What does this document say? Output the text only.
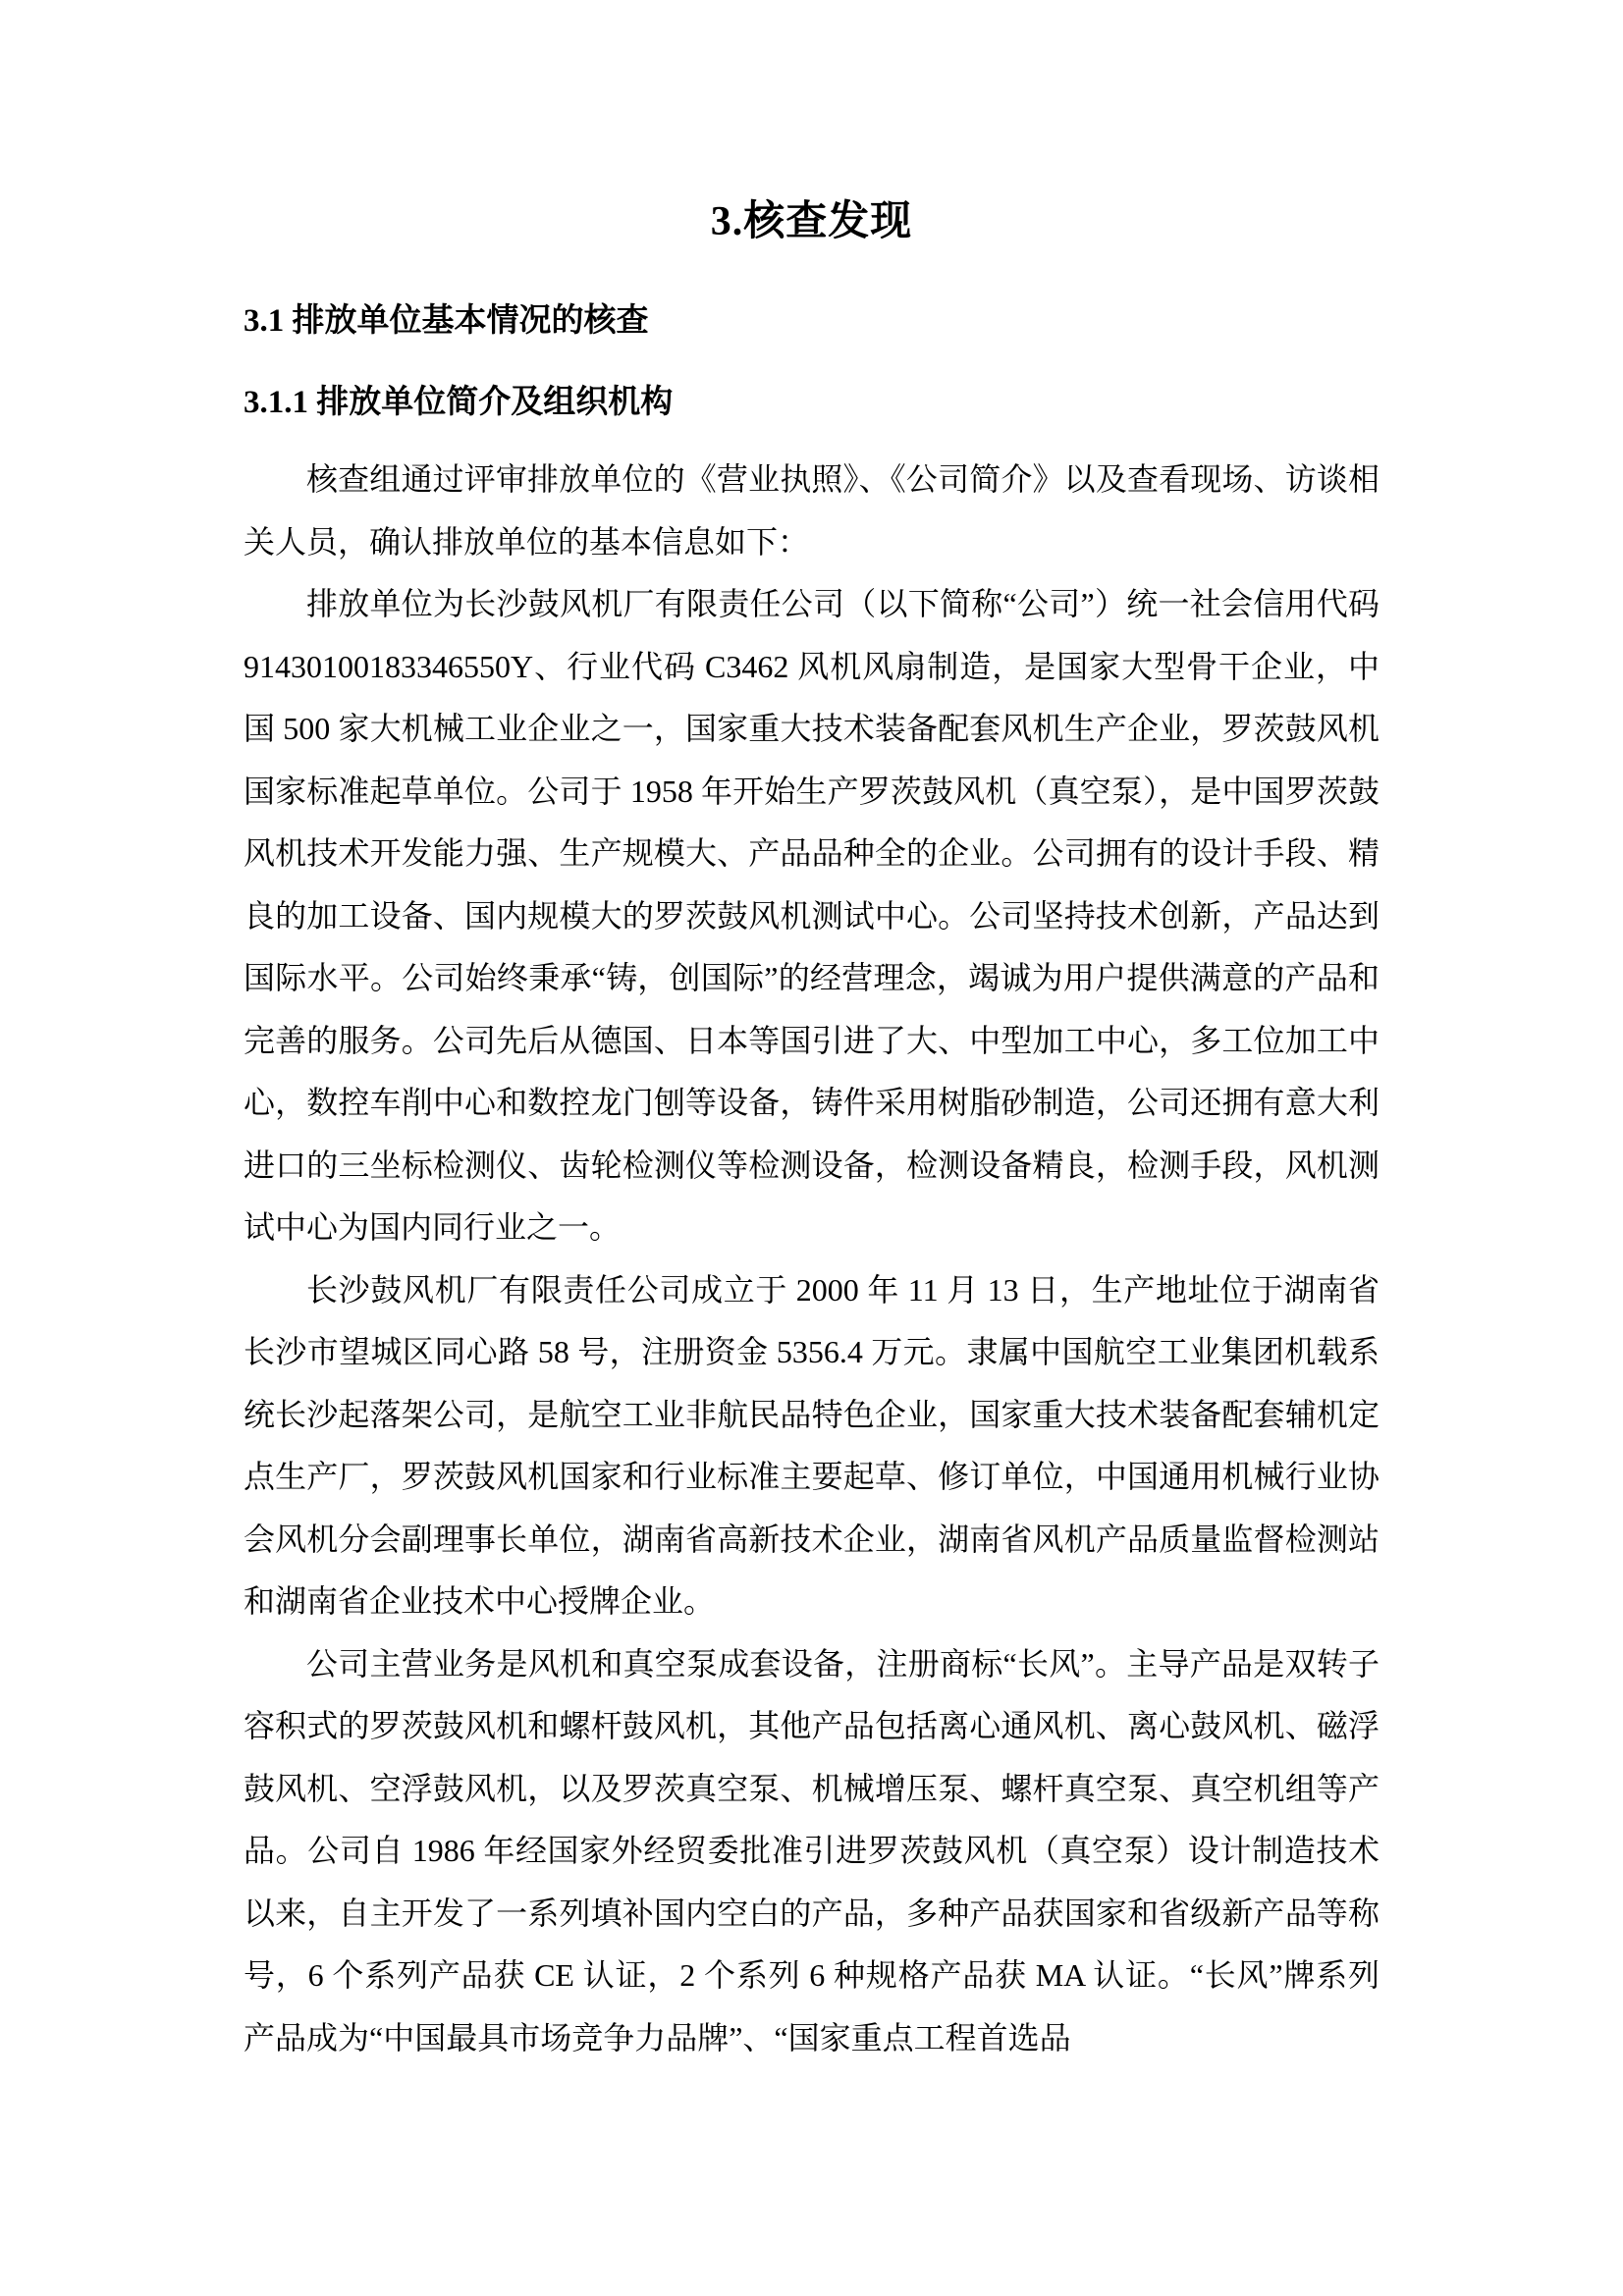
3.核查发现
3.1 排放单位基本情况的核查
3.1.1 排放单位简介及组织机构

核查组通过评审排放单位的《营业执照》、《公司简介》以及查看现场、访谈相关人员，确认排放单位的基本信息如下：

排放单位为长沙鼓风机厂有限责任公司（以下简称“公司”）统一社会信用代码 91430100183346550Y、行业代码 C3462 风机风扇制造，是国家大型骨干企业，中国 500 家大机械工业企业之一，国家重大技术装备配套风机生产企业，罗茨鼓风机国家标准起草单位。公司于 1958 年开始生产罗茨鼓风机（真空泵），是中国罗茨鼓风机技术开发能力强、生产规模大、产品品种全的企业。公司拥有的设计手段、精良的加工设备、国内规模大的罗茨鼓风机测试中心。公司坚持技术创新，产品达到国际水平。公司始终秉承“铸，创国际”的经营理念，竭诚为用户提供满意的产品和完善的服务。公司先后从德国、日本等国引进了大、中型加工中心，多工位加工中心，数控车削中心和数控龙门刨等设备，铸件采用树脂砂制造，公司还拥有意大利进口的三坐标检测仪、齿轮检测仪等检测设备，检测设备精良，检测手段，风机测试中心为国内同行业之一。

长沙鼓风机厂有限责任公司成立于 2000 年 11 月 13 日，生产地址位于湖南省长沙市望城区同心路 58 号，注册资金 5356.4 万元。隶属中国航空工业集团机载系统长沙起落架公司，是航空工业非航民品特色企业，国家重大技术装备配套辅机定点生产厂，罗茨鼓风机国家和行业标准主要起草、修订单位，中国通用机械行业协会风机分会副理事长单位，湖南省高新技术企业，湖南省风机产品质量监督检测站和湖南省企业技术中心授牌企业。

公司主营业务是风机和真空泵成套设备，注册商标“长风”。主导产品是双转子容积式的罗茨鼓风机和螺杆鼓风机，其他产品包括离心通风机、离心鼓风机、磁浮鼓风机、空浮鼓风机，以及罗茨真空泵、机械增压泵、螺杆真空泵、真空机组等产品。公司自 1986 年经国家外经贸委批准引进罗茨鼓风机（真空泵）设计制造技术以来，自主开发了一系列填补国内空白的产品，多种产品获国家和省级新产品等称号，6 个系列产品获 CE 认证，2 个系列 6 种规格产品获 MA 认证。“长风”牌系列产品成为“中国最具市场竞争力品牌”、“国家重点工程首选品
